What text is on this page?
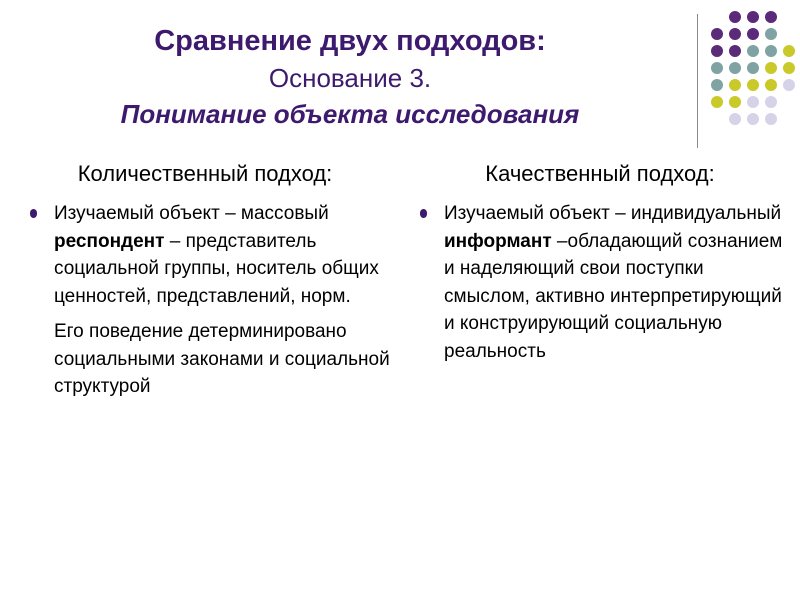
Сравнение двух подходов:
Основание 3.
Понимание объекта исследования
Количественный подход:
Изучаемый объект – массовый респондент – представитель социальной группы, носитель общих ценностей, представлений, норм.
Его поведение детерминировано социальными законами и социальной структурой
Качественный подход:
Изучаемый объект – индивидуальный информант –обладающий сознанием и наделяющий свои поступки смыслом, активно интерпретирующий и конструирующий социальную реальность
